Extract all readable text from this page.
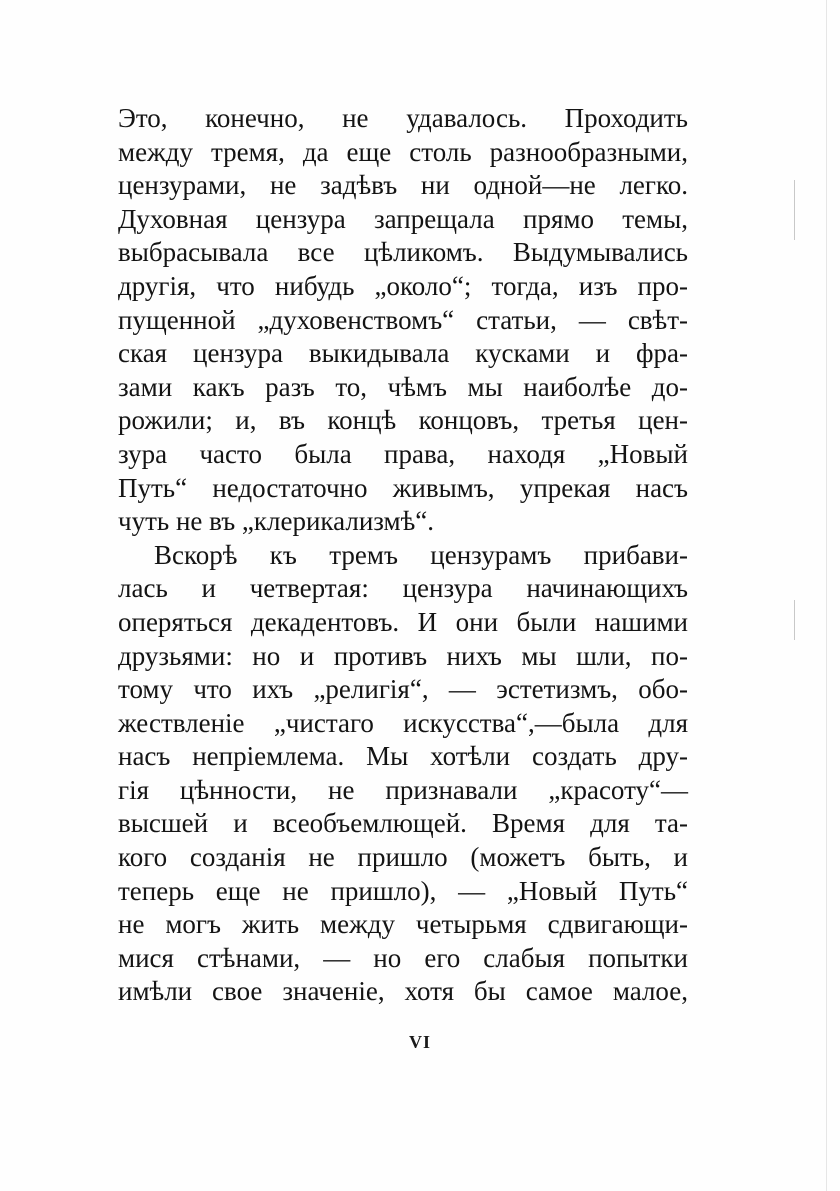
Это, конечно, не удавалось. Проходить
между тремя, да еще столь разнообразными,
цензурами, не задѣвъ ни одной—не легко.
Духовная цензура запрещала прямо темы,
выбрасывала все цѣликомъ. Выдумывались
другія, что нибудь „около“; тогда, изъ про-
пущенной „духовенствомъ“ статьи, — свѣт-
ская цензура выкидывала кусками и фра-
зами какъ разъ то, чѣмъ мы наиболѣе до-
рожили; и, въ концѣ концовъ, третья цен-
зура часто была права, находя „Новый
Путь“ недостаточно живымъ, упрекая насъ
чуть не въ „клерикализмѣ“.
Вскорѣ къ тремъ цензурамъ прибави-
лась и четвертая: цензура начинающихъ
оперяться декадентовъ. И они были нашими
друзьями: но и противъ нихъ мы шли, по-
тому что ихъ „религія“, — эстетизмъ, обо-
жествленіе „чистаго искусства“,—была для
насъ непріемлема. Мы хотѣли создать дру-
гія цѣнности, не признавали „красоту“—
высшей и всеобъемлющей. Время для та-
кого созданія не пришло (можетъ быть, и
теперь еще не пришло), — „Новый Путь“
не могъ жить между четырьмя сдвигающи-
мися стѣнами, — но его слабыя попытки
имѣли свое значеніе, хотя бы самое малое,
VI
